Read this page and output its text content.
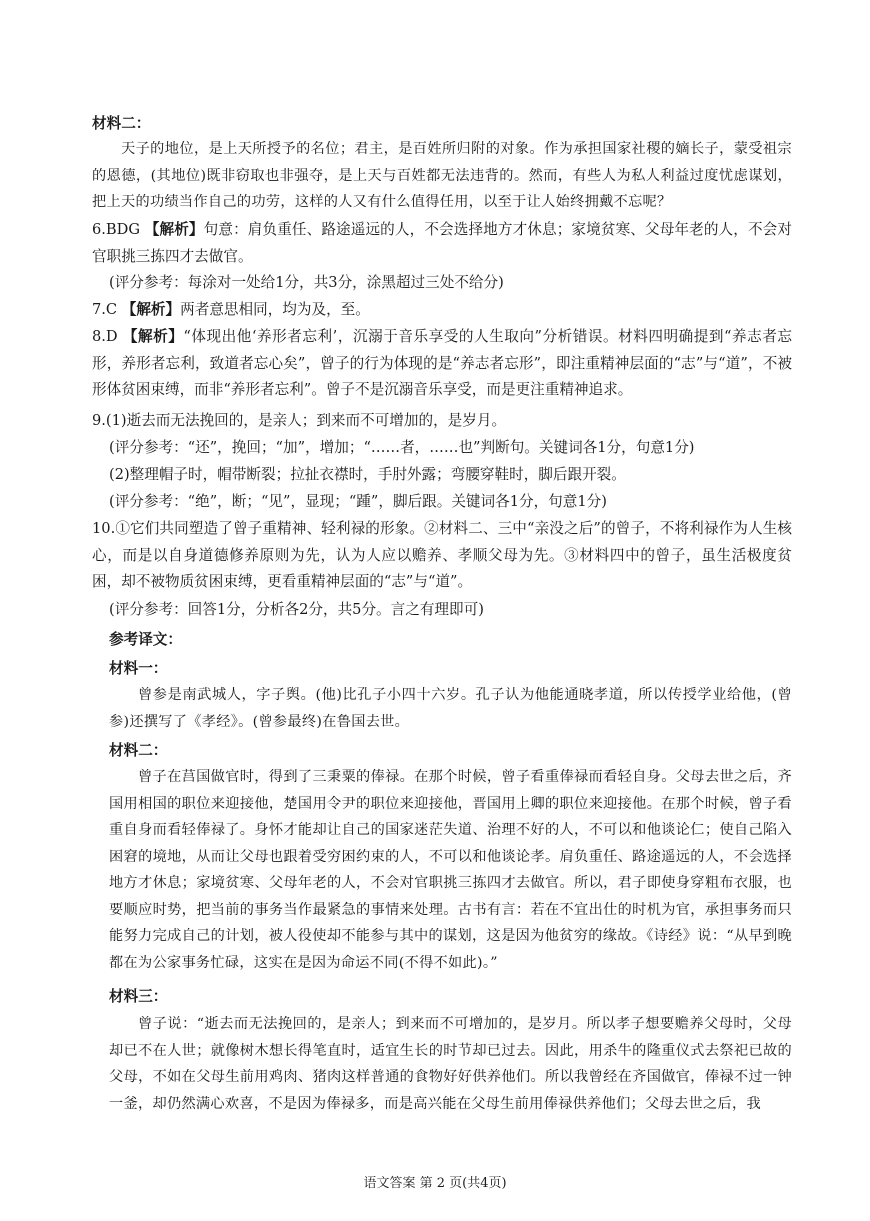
材料二：
天子的地位，是上天所授予的名位；君主，是百姓所归附的对象。作为承担国家社稷的嫡长子，蒙受祖宗的恩德，(其地位)既非窃取也非强夺，是上天与百姓都无法违背的。然而，有些人为私人利益过度忧虑谋划，把上天的功绩当作自己的功劳，这样的人又有什么值得任用，以至于让人始终拥戴不忘呢？
6.BDG 【解析】句意：肩负重任、路途遥远的人，不会选择地方才休息；家境贫寒、父母年老的人，不会对官职挑三拣四才去做官。
(评分参考：每涂对一处给1分，共3分，涂黑超过三处不给分)
7.C 【解析】两者意思相同，均为及，至。
8.D 【解析】“体现出他‘养形者忘利’，沉溺于音乐享受的人生取向”分析错误。材料四明确提到“养志者忘形，养形者忘利，致道者忘心矣”，曾子的行为体现的是“养志者忘形”，即注重精神层面的“志”与“道”，不被形体贫困束缚，而非“养形者忘利”。曾子不是沉溺音乐享受，而是更注重精神追求。
9.(1)逝去而无法挽回的，是亲人；到来而不可增加的，是岁月。
(评分参考：“还”，挽回；“加”，增加；“……者，……也”判断句。关键词各1分，句意1分)
(2)整理帽子时，帽带断裂；拉扯衣襟时，手肘外露；弯腰穿鞋时，脚后跟开裂。
(评分参考：“绝”，断；“见”，显现；“踵”，脚后跟。关键词各1分，句意1分)
10.①它们共同塑造了曾子重精神、轻利禄的形象。②材料二、三中“亲没之后”的曾子，不将利禄作为人生核心，而是以自身道德修养原则为先，认为人应以赡养、孝顺父母为先。③材料四中的曾子，虽生活极度贫困，却不被物质贫困束缚，更看重精神层面的“志”与“道”。
(评分参考：回答1分，分析各2分，共5分。言之有理即可)
参考译文：
材料一：
曾参是南武城人，字子舆。(他)比孔子小四十六岁。孔子认为他能通晓孝道，所以传授学业给他，(曾参)还撰写了《孝经》。(曾参最终)在鲁国去世。
材料二：
曾子在莒国做官时，得到了三秉粟的俸禄。在那个时候，曾子看重俸禄而看轻自身。父母去世之后，齐国用相国的职位来迎接他，楚国用令尹的职位来迎接他，晋国用上卿的职位来迎接他。在那个时候，曾子看重自身而看轻俸禄了。身怀才能却让自己的国家迷茫失道、治理不好的人，不可以和他谈论仁；使自己陷入困窘的境地，从而让父母也跟着受穷困约束的人，不可以和他谈论孝。肩负重任、路途遥远的人，不会选择地方才休息；家境贫寒、父母年老的人，不会对官职挑三拣四才去做官。所以，君子即使身穿粗布衣服，也要顺应时势，把当前的事务当作最紧急的事情来处理。古书有言：若在不宜出仕的时机为官，承担事务而只能努力完成自己的计划，被人役使却不能参与其中的谋划，这是因为他贫穷的缘故。《诗经》说：“从早到晚都在为公家事务忙碌，这实在是因为命运不同(不得不如此)。”
材料三：
曾子说：“逝去而无法挽回的，是亲人；到来而不可增加的，是岁月。所以孝子想要赡养父母时，父母却已不在人世；就像树木想长得笔直时，适宜生长的时节却已过去。因此，用杀牛的隆重仪式去祭祀已故的父母，不如在父母生前用鸡肉、猪肉这样普通的食物好好供养他们。所以我曾经在齐国做官，俸禄不过一钟一釜，却仍然满心欢喜，不是因为俸禄多，而是高兴能在父母生前用俸禄供养他们；父母去世之后，我
语文答案 第 2 页(共4页)
